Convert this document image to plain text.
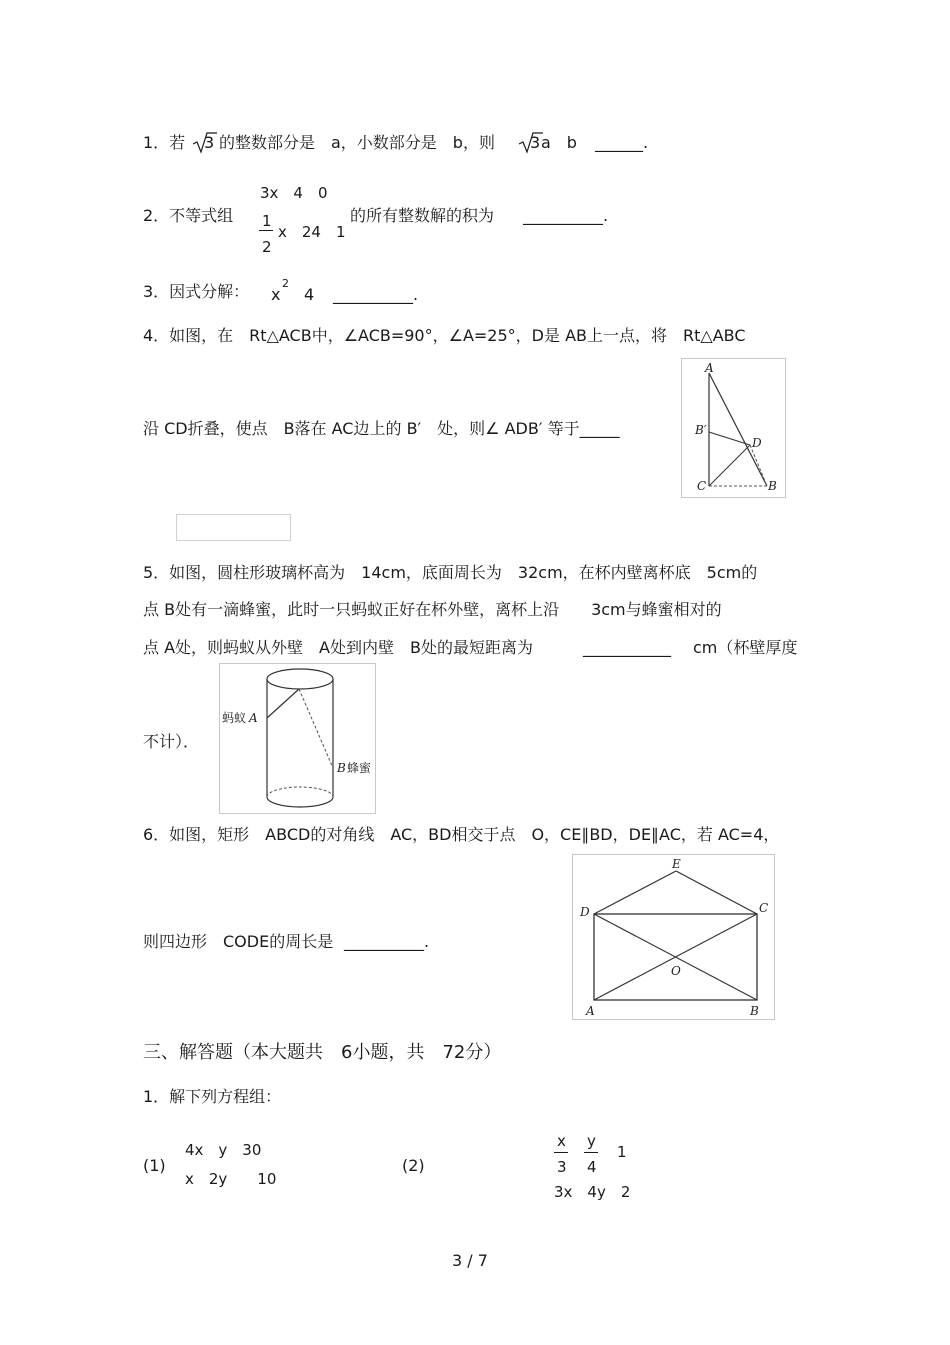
1．若 3 的整数部分是　a，小数部分是　b，则 3 a　b ______.
3x　4　0
2．不等式组 1
2
x　24　1
的所有整数解的积为 __________.
3．因式分解： x
2
4 __________.
4．如图，在　Rt△ACB中，∠ACB=90°，∠A=25°，D是 AB上一点，将　Rt△ABC
沿 CD折叠，使点　B落在 AC边上的 B′　处，则∠ ADB′ 等于_____
A
B′
D
C	B
5．如图，圆柱形玻璃杯高为　14cm，底面周长为　32cm，在杯内壁离杯底　5cm的
点 B处有一滴蜂蜜，此时一只蚂蚁正好在杯外壁，离杯上沿　　3cm与蜂蜜相对的
点 A处，则蚂蚁从外壁　A处到内壁　B处的最短距离为	___________ cm（杯壁厚度
不计）．
蚂蚁 A
B 蜂蜜
6．如图，矩形　ABCD的对角线　AC，BD相交于点　O，CE∥BD，DE∥AC，若 AC=4，
则四边形　CODE的周长是 __________.
E
D	C
O
A	B
三、解答题（本大题共　6小题，共　72分）
1．解下列方程组：
(1)
4x　y　30
x　2y　　10
(2)
x
3
y
4
1
3x　4y　2
3 / 7
